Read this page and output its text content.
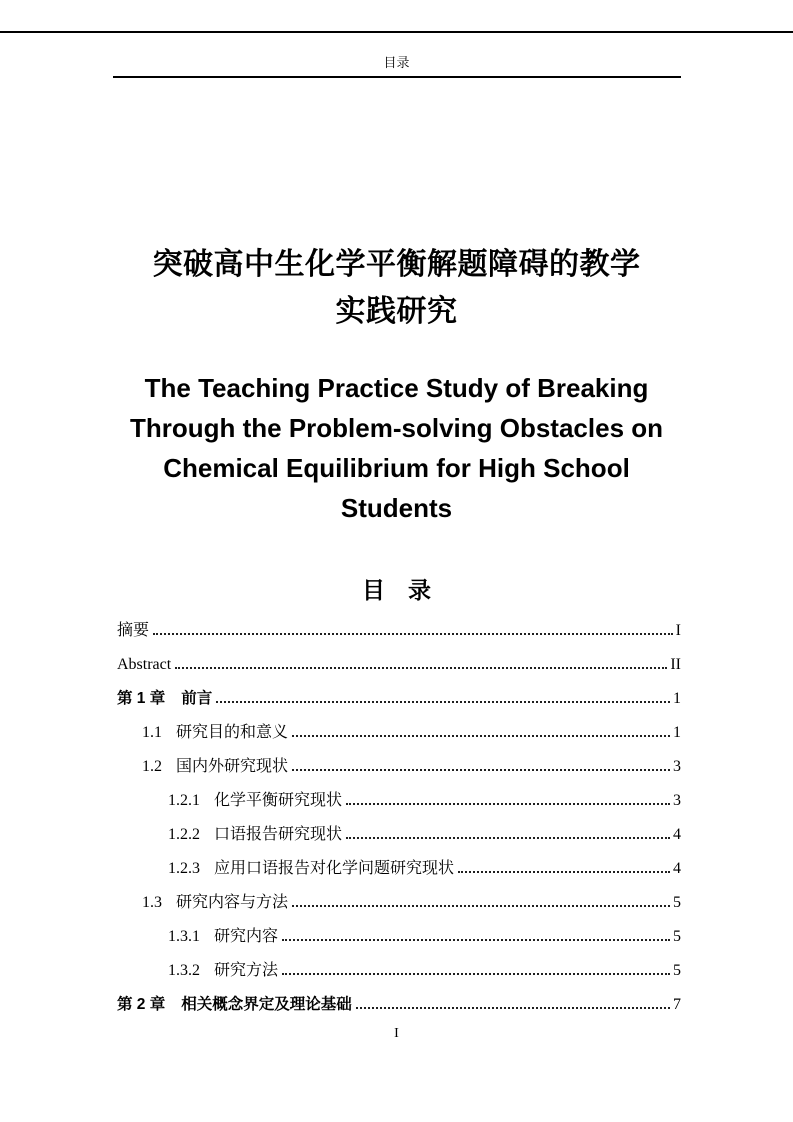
目录
突破高中生化学平衡解题障碍的教学
实践研究
The Teaching Practice Study of Breaking
Through the Problem-solving Obstacles on
Chemical Equilibrium for High School
Students
目　录
摘要	I
Abstract	II
第 1 章 前言	1
1.1 研究目的和意义	1
1.2 国内外研究现状	3
1.2.1 化学平衡研究现状	3
1.2.2 口语报告研究现状	4
1.2.3 应用口语报告对化学问题研究现状	4
1.3 研究内容与方法	5
1.3.1 研究内容	5
1.3.2 研究方法	5
第 2 章 相关概念界定及理论基础	7
I
